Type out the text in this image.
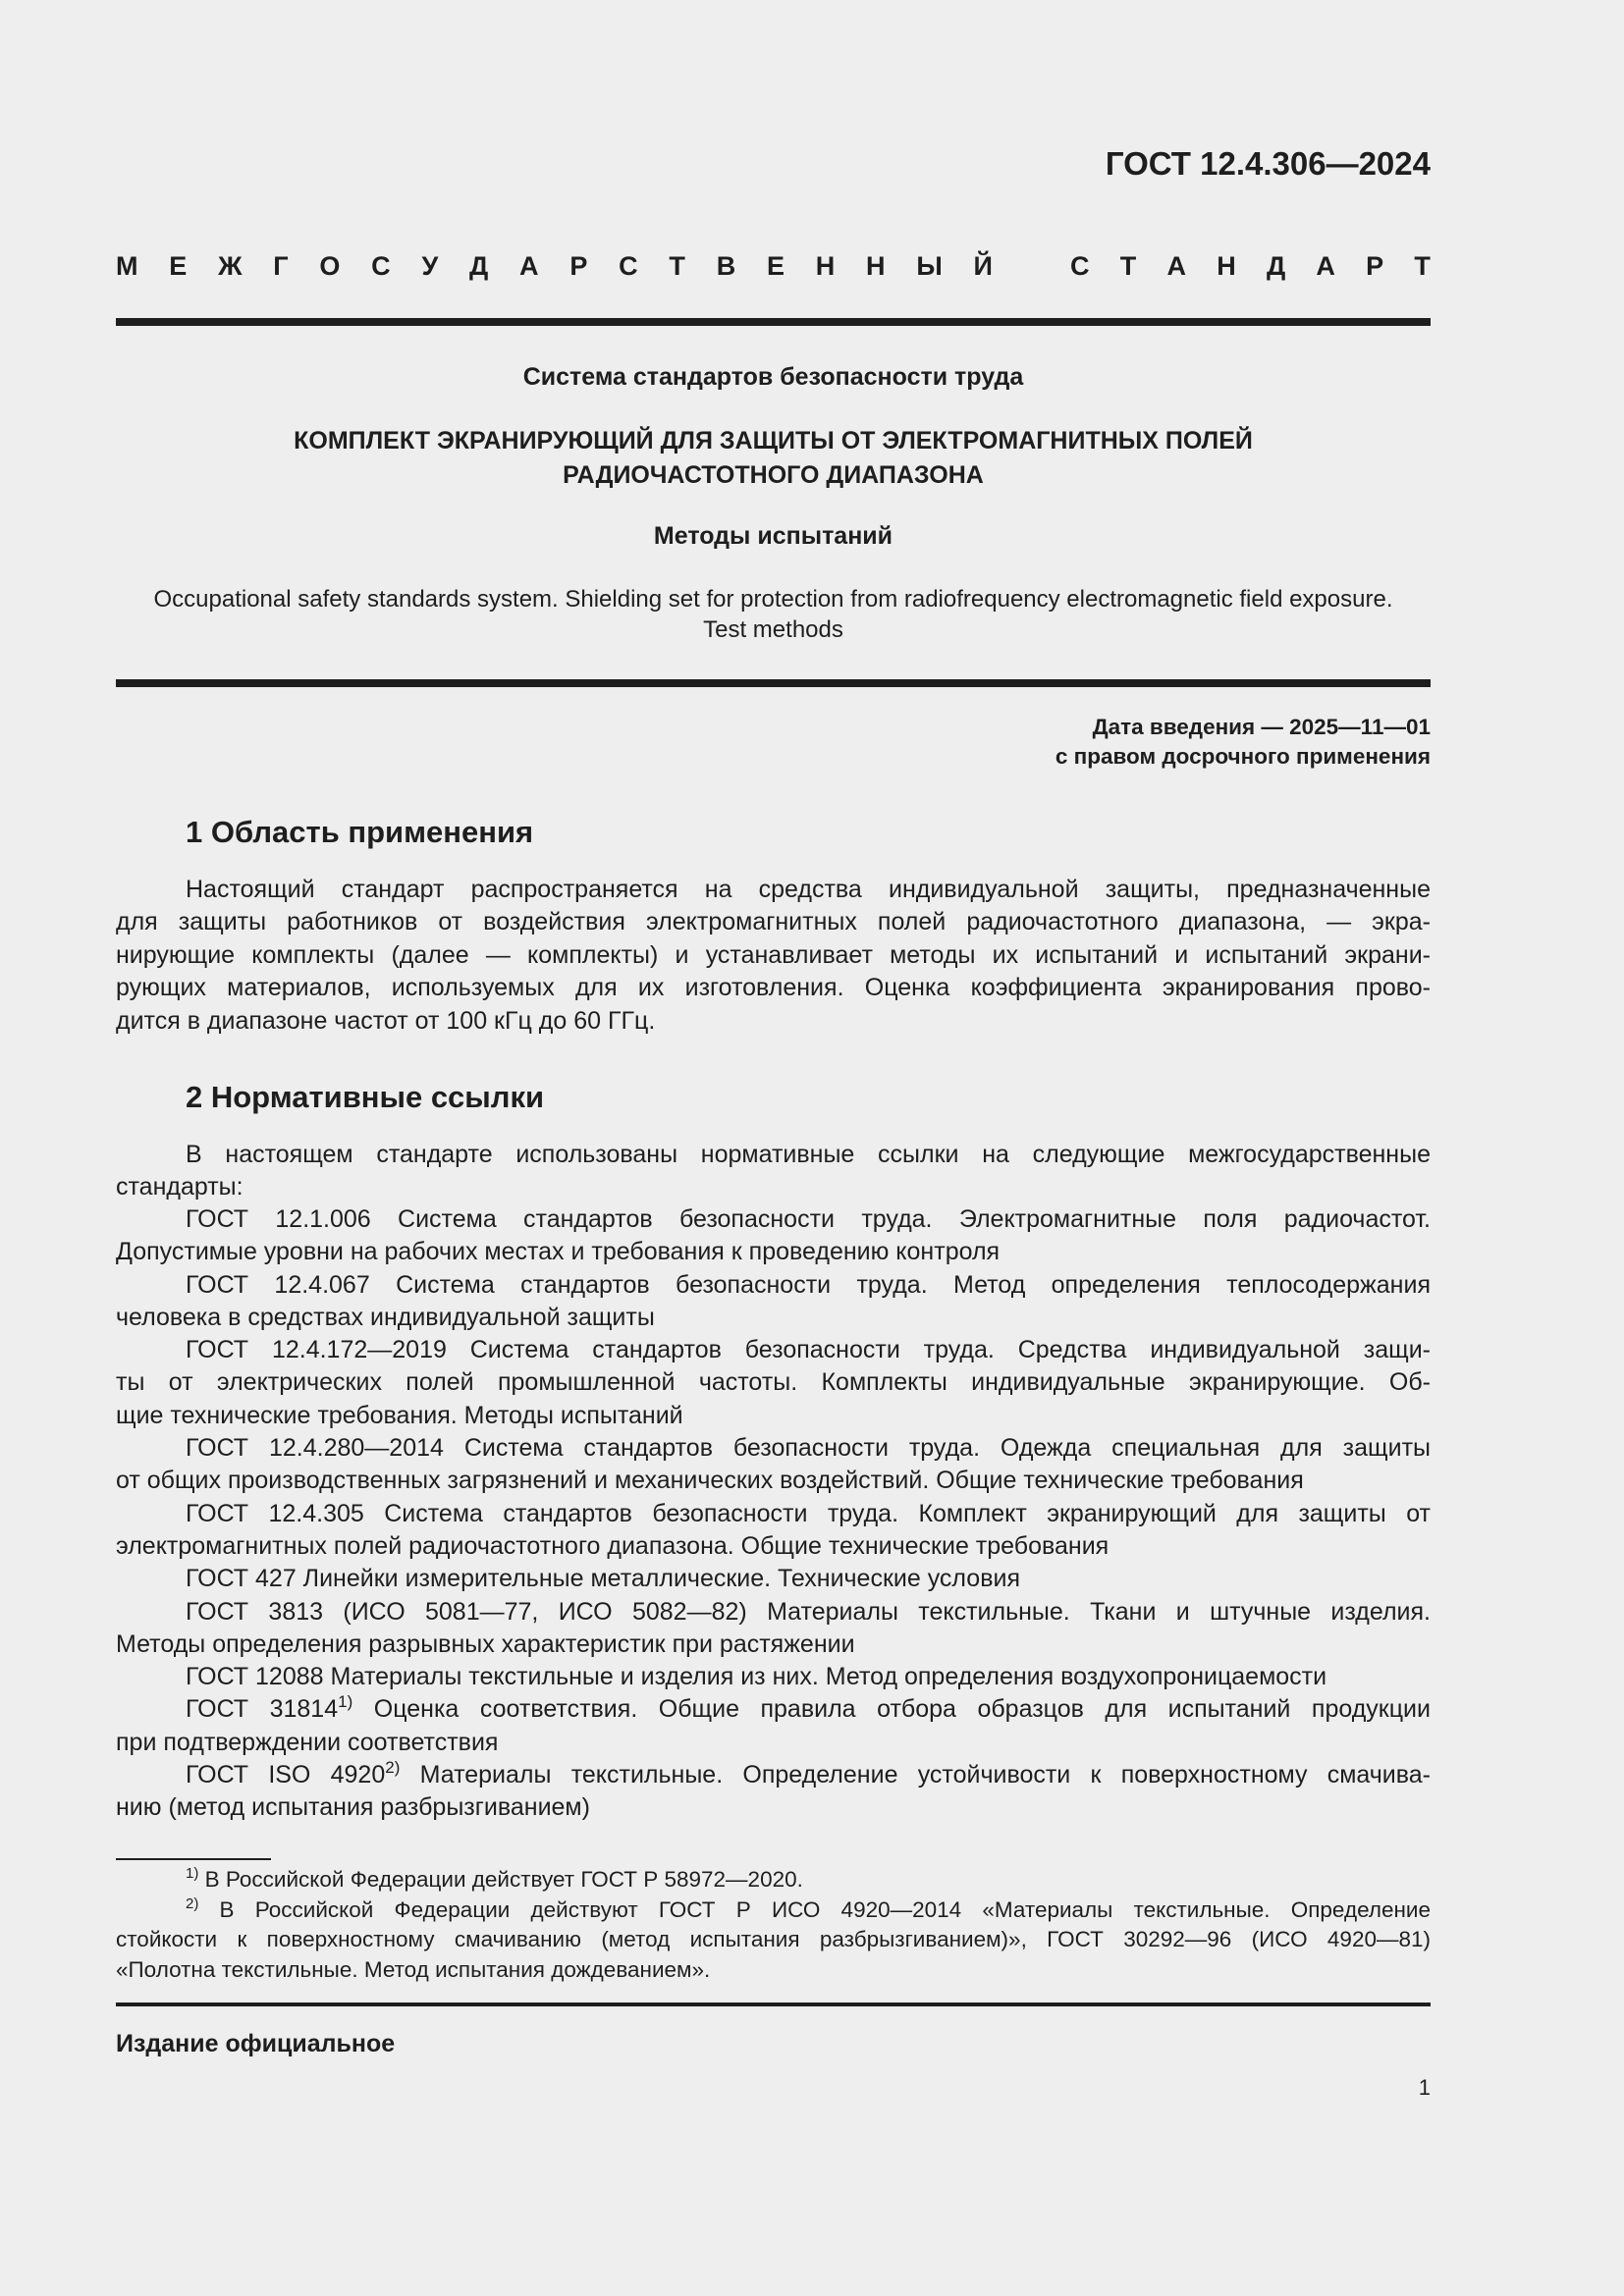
ГОСТ 12.4.306—2024
М Е Ж Г О С У Д А Р С Т В Е Н Н Ы Й	С Т А Н Д А Р Т
Система стандартов безопасности труда
КОМПЛЕКТ ЭКРАНИРУЮЩИЙ ДЛЯ ЗАЩИТЫ ОТ ЭЛЕКТРОМАГНИТНЫХ ПОЛЕЙ
РАДИОЧАСТОТНОГО ДИАПАЗОНА
Методы испытаний
Occupational safety standards system. Shielding set for protection from radiofrequency electromagnetic field exposure.
Test methods
Дата введения — 2025—11—01
с правом досрочного применения
1 Область применения
Настоящий стандарт распространяется на средства индивидуальной защиты, предназначенные
для защиты работников от воздействия электромагнитных полей радиочастотного диапазона, — экра-
нирующие комплекты (далее — комплекты) и устанавливает методы их испытаний и испытаний экрани-
рующих материалов, используемых для их изготовления. Оценка коэффициента экранирования прово-
дится в диапазоне частот от 100 кГц до 60 ГГц.
2 Нормативные ссылки
В настоящем стандарте использованы нормативные ссылки на следующие межгосударственные
стандарты:
ГОСТ 12.1.006 Система стандартов безопасности труда. Электромагнитные поля радиочастот.
Допустимые уровни на рабочих местах и требования к проведению контроля
ГОСТ 12.4.067 Система стандартов безопасности труда. Метод определения теплосодержания
человека в средствах индивидуальной защиты
ГОСТ 12.4.172—2019 Система стандартов безопасности труда. Средства индивидуальной защи-
ты от электрических полей промышленной частоты. Комплекты индивидуальные экранирующие. Об-
щие технические требования. Методы испытаний
ГОСТ 12.4.280—2014 Система стандартов безопасности труда. Одежда специальная для защиты
от общих производственных загрязнений и механических воздействий. Общие технические требования
ГОСТ 12.4.305 Система стандартов безопасности труда. Комплект экранирующий для защиты от
электромагнитных полей радиочастотного диапазона. Общие технические требования
ГОСТ 427 Линейки измерительные металлические. Технические условия
ГОСТ 3813 (ИСО 5081—77, ИСО 5082—82) Материалы текстильные. Ткани и штучные изделия.
Методы определения разрывных характеристик при растяжении
ГОСТ 12088 Материалы текстильные и изделия из них. Метод определения воздухопроницаемости
ГОСТ 31814$^{1)}$ Оценка соответствия. Общие правила отбора образцов для испытаний продукции
при подтверждении соответствия
ГОСТ ISO 4920$^{2)}$ Материалы текстильные. Определение устойчивости к поверхностному смачива-
нию (метод испытания разбрызгиванием)
$^{1)}$ В Российской Федерации действует ГОСТ Р 58972—2020.
$^{2)}$ В Российской Федерации действуют ГОСТ Р ИСО 4920—2014 «Материалы текстильные. Определение
стойкости к поверхностному смачиванию (метод испытания разбрызгиванием)», ГОСТ 30292—96 (ИСО 4920—81)
«Полотна текстильные. Метод испытания дождеванием».
Издание официальное
1
